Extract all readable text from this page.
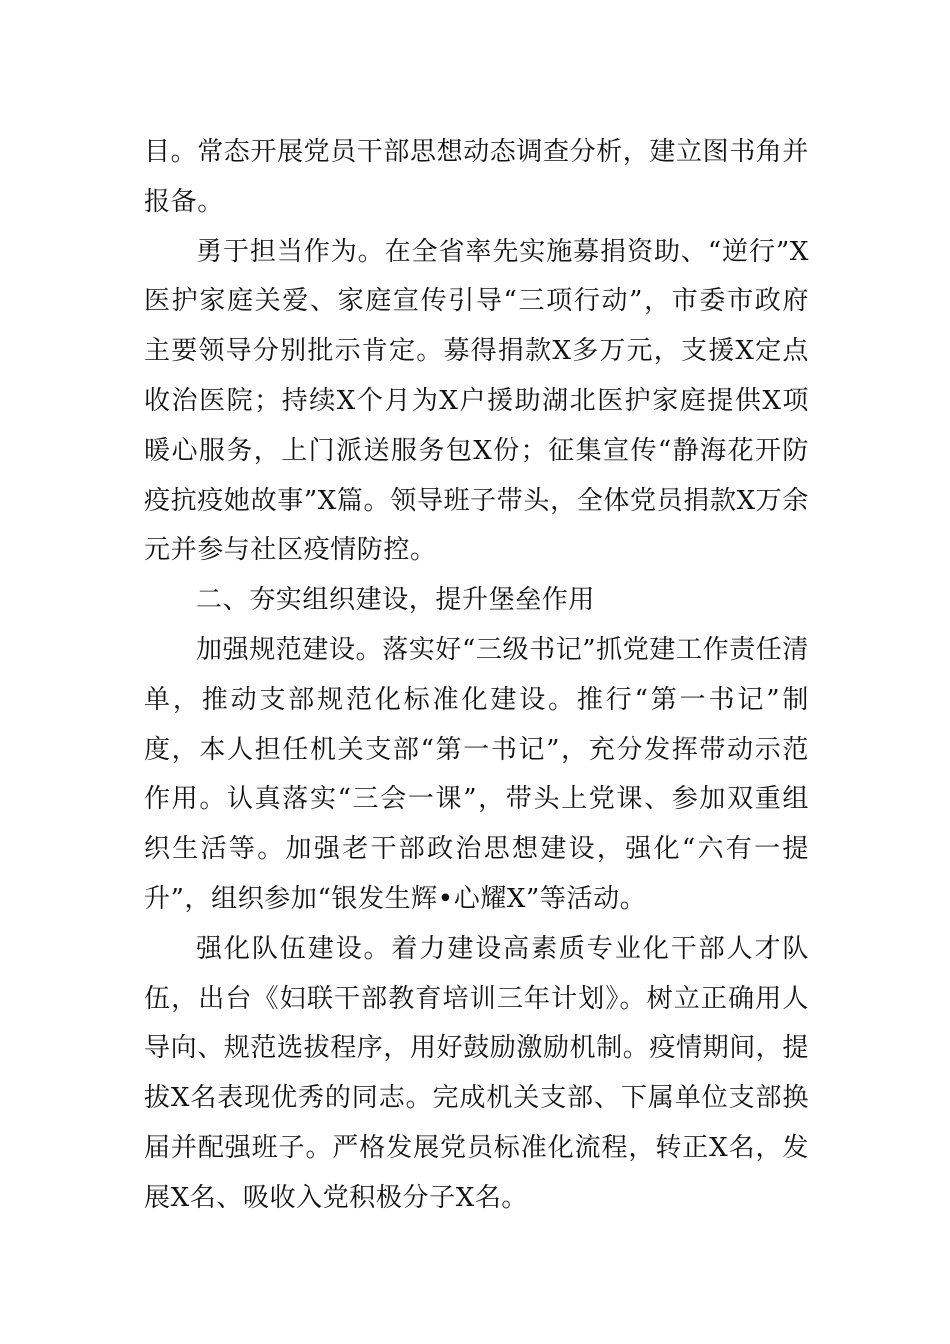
目。常态开展党员干部思想动态调查分析，建立图书角并报备。

勇于担当作为。在全省率先实施募捐资助、“逆行”X医护家庭关爱、家庭宣传引导“三项行动”，市委市政府主要领导分别批示肯定。募得捐款X多万元，支援X定点收治医院；持续X个月为X户援助湖北医护家庭提供X项暖心服务，上门派送服务包X份；征集宣传“静海花开防疫抗疫她故事”X篇。领导班子带头，全体党员捐款X万余元并参与社区疫情防控。

二、夯实组织建设，提升堡垒作用

加强规范建设。落实好“三级书记”抓党建工作责任清单，推动支部规范化标准化建设。推行“第一书记”制度，本人担任机关支部“第一书记”，充分发挥带动示范作用。认真落实“三会一课”，带头上党课、参加双重组织生活等。加强老干部政治思想建设，强化“六有一提升”，组织参加“银发生辉•心耀X”等活动。

强化队伍建设。着力建设高素质专业化干部人才队伍，出台《妇联干部教育培训三年计划》。树立正确用人导向、规范选拔程序，用好鼓励激励机制。疫情期间，提拔X名表现优秀的同志。完成机关支部、下属单位支部换届并配强班子。严格发展党员标准化流程，转正X名，发展X名、吸收入党积极分子X名。
